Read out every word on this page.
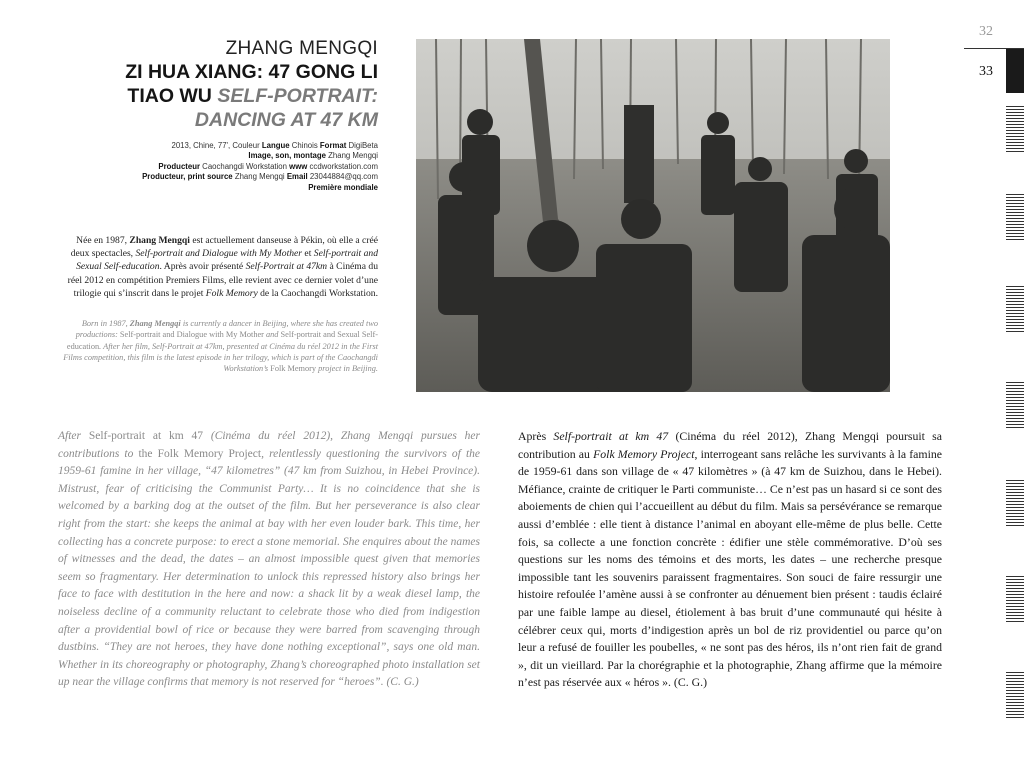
ZHANG MENGQI
ZI HUA XIANG: 47 GONG LI
TIAO WU SELF-PORTRAIT:
DANCING AT 47 KM
2013, Chine, 77', Couleur Langue Chinois Format DigiBeta
Image, son, montage Zhang Mengqi
Producteur Caochangdi Workstation www ccdworkstation.com
Producteur, print source Zhang Mengqi Email 23044884@qq.com
Première mondiale
Née en 1987, Zhang Mengqi est actuellement danseuse à Pékin, où elle a créé deux spectacles, Self-portrait and Dialogue with My Mother et Self-portrait and Sexual Self-education. Après avoir présenté Self-Portrait at 47km à Cinéma du réel 2012 en compétition Premiers Films, elle revient avec ce dernier volet d’une trilogie qui s’inscrit dans le projet Folk Memory de la Caochangdi Workstation.
Born in 1987, Zhang Mengqi is currently a dancer in Beijing, where she has created two productions: Self-portrait and Dialogue with My Mother and Self-portrait and Sexual Self-education. After her film, Self-Portrait at 47km, presented at Cinéma du réel 2012 in the First Films competition, this film is the latest episode in her trilogy, which is part of the Caochangdi Workstation’s Folk Memory project in Beijing.
After Self-portrait at km 47 (Cinéma du réel 2012), Zhang Mengqi pursues her contributions to the Folk Memory Project, relentlessly questioning the survivors of the 1959-61 famine in her village, “47 kilometres” (47 km from Suizhou, in Hebei Province). Mistrust, fear of criticising the Communist Party… It is no coincidence that she is welcomed by a barking dog at the outset of the film. But her perseverance is also clear right from the start: she keeps the animal at bay with her even louder bark. This time, her collecting has a concrete purpose: to erect a stone memorial. She enquires about the names of witnesses and the dead, the dates – an almost impossible quest given that memories seem so fragmentary. Her determination to unlock this repressed history also brings her face to face with destitution in the here and now: a shack lit by a weak diesel lamp, the noiseless decline of a community reluctant to celebrate those who died from indigestion after a providential bowl of rice or because they were barred from scavenging through dustbins. “They are not heroes, they have done nothing exceptional”, says one old man. Whether in its choreography or photography, Zhang’s choreographed photo installation set up near the village confirms that memory is not reserved for “heroes”. (C. G.)
Après Self-portrait at km 47 (Cinéma du réel 2012), Zhang Mengqi poursuit sa contribution au Folk Memory Project, interrogeant sans relâche les survivants à la famine de 1959-61 dans son village de « 47 kilomètres » (à 47 km de Suizhou, dans le Hebei). Méfiance, crainte de critiquer le Parti communiste… Ce n’est pas un hasard si ce sont des aboiements de chien qui l’accueillent au début du film. Mais sa persévérance se remarque aussi d’emblée : elle tient à distance l’animal en aboyant elle-même de plus belle. Cette fois, sa collecte a une fonction concrète : édifier une stèle commémorative. D’où ses questions sur les noms des témoins et des morts, les dates – une recherche presque impossible tant les souvenirs paraissent fragmentaires. Son souci de faire ressurgir une histoire refoulée l’amène aussi à se confronter au dénuement bien présent : taudis éclairé par une faible lampe au diesel, étiolement à bas bruit d’une communauté qui hésite à célébrer ceux qui, morts d’indigestion après un bol de riz providentiel ou parce qu’on leur a refusé de fouiller les poubelles, « ne sont pas des héros, ils n’ont rien fait de grand », dit un vieillard. Par la chorégraphie et la photographie, Zhang affirme que la mémoire n’est pas réservée aux « héros ». (C. G.)
32
33
